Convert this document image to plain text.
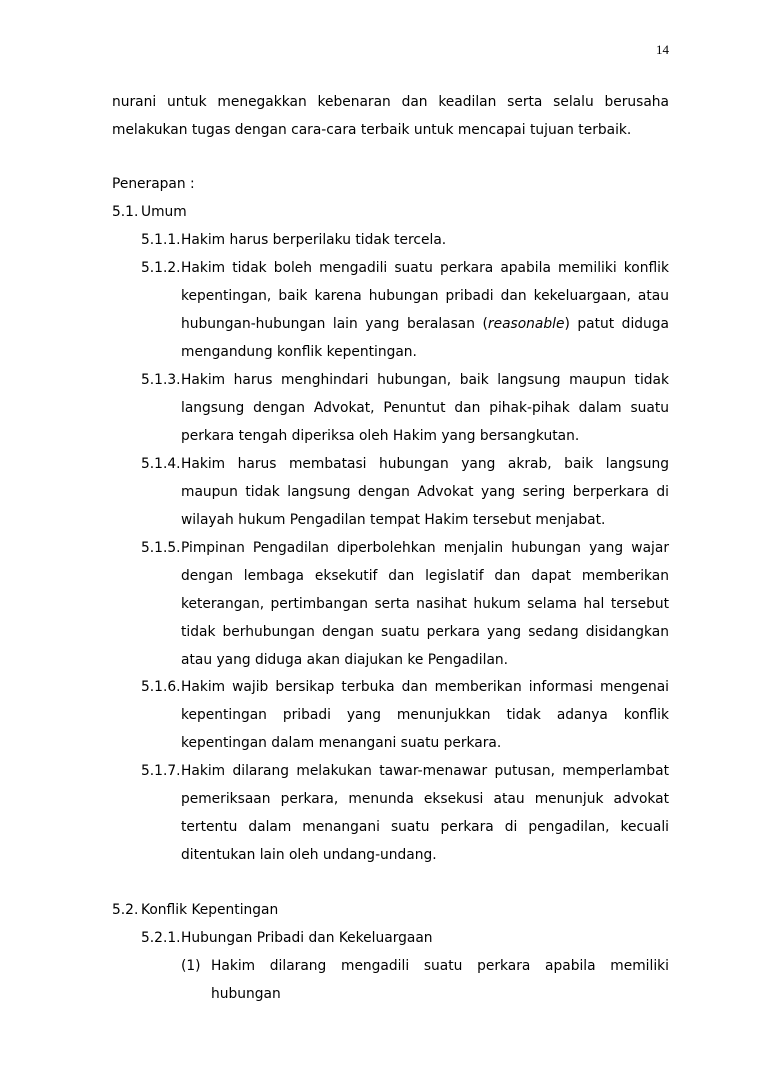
14
nurani untuk menegakkan kebenaran dan keadilan serta selalu berusaha
melakukan tugas dengan cara-cara terbaik untuk mencapai tujuan terbaik.
Penerapan :
5.1. Umum
5.1.1. Hakim harus berperilaku tidak tercela.
5.1.2. Hakim tidak boleh mengadili suatu perkara apabila memiliki konflik kepentingan, baik karena hubungan pribadi dan kekeluargaan, atau hubungan-hubungan lain yang beralasan (reasonable) patut diduga mengandung konflik kepentingan.
5.1.3. Hakim harus menghindari hubungan, baik langsung maupun tidak langsung dengan Advokat, Penuntut dan pihak-pihak dalam suatu perkara tengah diperiksa oleh Hakim yang bersangkutan.
5.1.4. Hakim harus membatasi hubungan yang akrab, baik langsung maupun tidak langsung dengan Advokat yang sering berperkara di wilayah hukum Pengadilan tempat Hakim tersebut menjabat.
5.1.5. Pimpinan Pengadilan diperbolehkan menjalin hubungan yang wajar dengan lembaga eksekutif dan legislatif dan dapat memberikan keterangan, pertimbangan serta nasihat hukum selama hal tersebut tidak berhubungan dengan suatu perkara yang sedang disidangkan atau yang diduga akan diajukan ke Pengadilan.
5.1.6. Hakim wajib bersikap terbuka dan memberikan informasi mengenai kepentingan pribadi yang menunjukkan tidak adanya konflik kepentingan dalam menangani suatu perkara.
5.1.7. Hakim dilarang melakukan tawar-menawar putusan, memperlambat pemeriksaan perkara, menunda eksekusi atau menunjuk advokat tertentu dalam menangani suatu perkara di pengadilan, kecuali ditentukan lain oleh undang-undang.
5.2. Konflik Kepentingan
5.2.1. Hubungan Pribadi dan Kekeluargaan
(1) Hakim dilarang mengadili suatu perkara apabila memiliki hubungan
